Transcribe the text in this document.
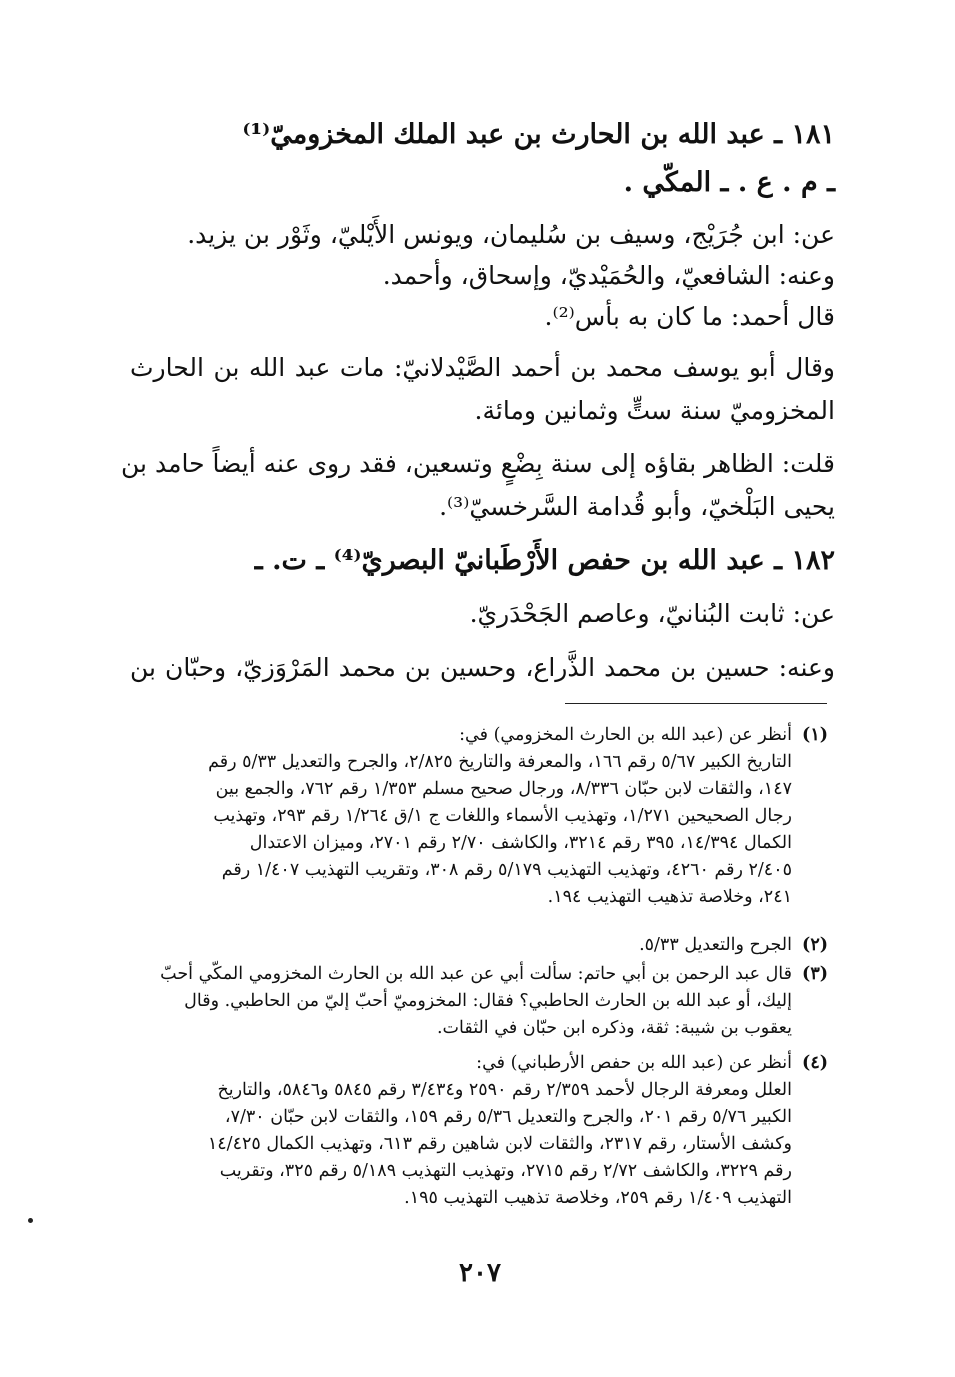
١٨١ ـ عبد الله بن الحارث بن عبد الملك المخزوميّ⁽¹⁾
ـ م . ع . ـ المكّي .
عن: ابن جُرَيْج، وسيف بن سُليمان، ويونس الأَيْليّ، وثَوْر بن يزيد.
وعنه: الشافعيّ، والحُمَيْديّ، وإسحاق، وأحمد.
قال أحمد: ما كان به بأس⁽²⁾.
وقال أبو يوسف محمد بن أحمد الصَّيْدلانيّ: مات عبد الله بن الحارث
المخزوميّ سنة ستٍّ وثمانين ومائة.
قلت: الظاهر بقاؤه إلى سنة بِضْعٍ وتسعين، فقد روى عنه أيضاً حامد بن
يحيى البَلْخيّ، وأبو قُدامة السَّرخسيّ⁽³⁾.
١٨٢ ـ عبد الله بن حفص الأَرْطَبانيّ البصريّ⁽⁴⁾ ـ ت. ـ
عن: ثابت البُنانيّ، وعاصم الجَحْدَريّ.
وعنه: حسين بن محمد الذَّراع، وحسين بن محمد المَرْوَزيّ، وحبّان بن
(١)
أنظر عن (عبد الله بن الحارث المخزومي) في:
التاريخ الكبير ٥/٦٧ رقم ١٦٦، والمعرفة والتاريخ ٢/٨٢٥، والجرح والتعديل ٥/٣٣ رقم
١٤٧، والثقات لابن حبّان ٨/٣٣٦، ورجال صحيح مسلم ١/٣٥٣ رقم ٧٦٢، والجمع بين
رجال الصحيحين ١/٢٧١، وتهذيب الأسماء واللغات ج ١/ق ١/٢٦٤ رقم ٢٩٣، وتهذيب
الكمال ١٤/٣٩٤، ٣٩٥ رقم ٣٢١٤، والكاشف ٢/٧٠ رقم ٢٧٠١، وميزان الاعتدال
٢/٤٠٥ رقم ٤٢٦٠، وتهذيب التهذيب ٥/١٧٩ رقم ٣٠٨، وتقريب التهذيب ١/٤٠٧ رقم
٢٤١، وخلاصة تذهيب التهذيب ١٩٤.
(٢)
الجرح والتعديل ٥/٣٣.
(٣)
قال عبد الرحمن بن أبي حاتم: سألت أبي عن عبد الله بن الحارث المخزومي المكّي أحبّ
إليك، أو عبد الله بن الحارث الحاطبي؟ فقال: المخزوميّ أحبّ إليّ من الحاطبي. وقال
يعقوب بن شيبة: ثقة، وذكره ابن حبّان في الثقات.
(٤)
أنظر عن (عبد الله بن حفص الأرطباني) في:
العلل ومعرفة الرجال لأحمد ٢/٣٥٩ رقم ٢٥٩٠ و٣/٤٣٤ رقم ٥٨٤٥ و٥٨٤٦، والتاريخ
الكبير ٥/٧٦ رقم ٢٠١، والجرح والتعديل ٥/٣٦ رقم ١٥٩، والثقات لابن حبّان ٧/٣٠،
وكشف الأستار، رقم ٢٣١٧، والثقات لابن شاهين رقم ٦١٣، وتهذيب الكمال ١٤/٤٢٥
رقم ٣٢٢٩، والكاشف ٢/٧٢ رقم ٢٧١٥، وتهذيب التهذيب ٥/١٨٩ رقم ٣٢٥، وتقريب
التهذيب ١/٤٠٩ رقم ٢٥٩، وخلاصة تذهيب التهذيب ١٩٥.
٢٠٧
